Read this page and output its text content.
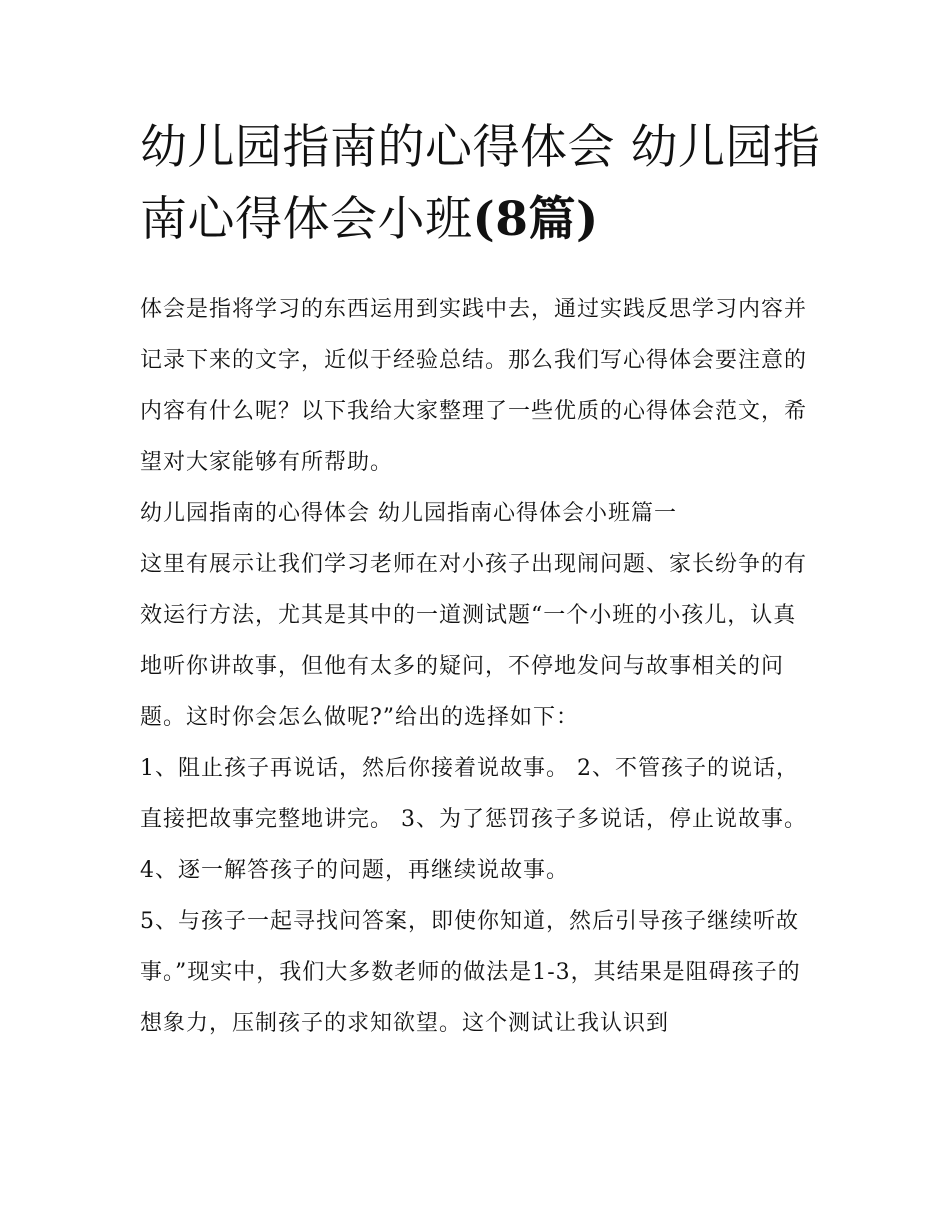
幼儿园指南的心得体会 幼儿园指南心得体会小班(8篇)

体会是指将学习的东西运用到实践中去，通过实践反思学习内容并记录下来的文字，近似于经验总结。那么我们写心得体会要注意的内容有什么呢？以下我给大家整理了一些优质的心得体会范文，希望对大家能够有所帮助。

幼儿园指南的心得体会 幼儿园指南心得体会小班篇一

这里有展示让我们学习老师在对小孩子出现闹问题、家长纷争的有效运行方法，尤其是其中的一道测试题“一个小班的小孩儿，认真地听你讲故事，但他有太多的疑问，不停地发问与故事相关的问题。这时你会怎么做呢?”给出的选择如下：

1、阻止孩子再说话，然后你接着说故事。 2、不管孩子的说话，直接把故事完整地讲完。 3、为了惩罚孩子多说话，停止说故事。

4、逐一解答孩子的问题，再继续说故事。

5、与孩子一起寻找问答案，即使你知道，然后引导孩子继续听故事。”现实中，我们大多数老师的做法是1-3，其结果是阻碍孩子的想象力，压制孩子的求知欲望。这个测试让我认识到
